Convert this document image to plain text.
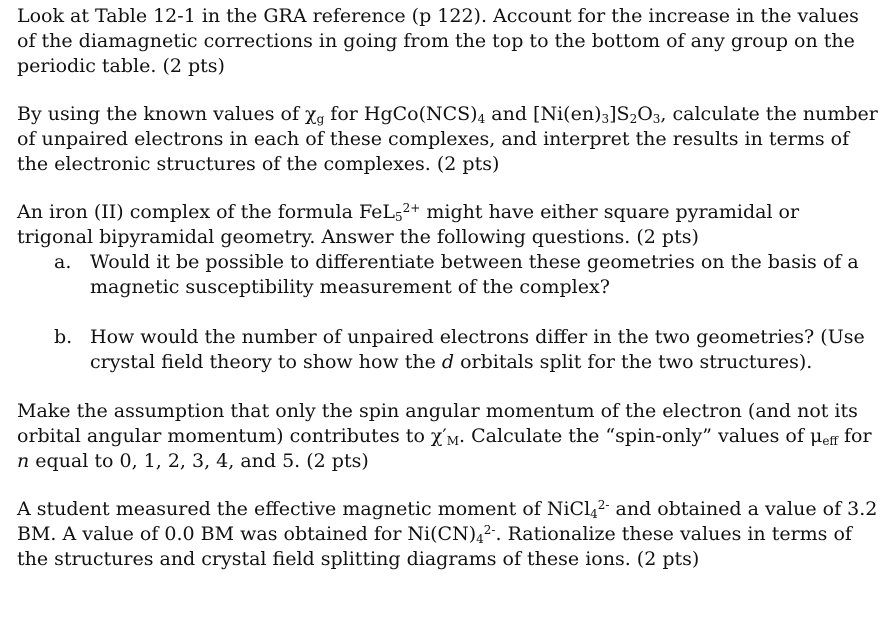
Look at Table 12-1 in the GRA reference (p 122). Account for the increase in the values of the diamagnetic corrections in going from the top to the bottom of any group on the periodic table. (2 pts)

By using the known values of $\chi_g$ for $HgCo(NCS)_4$ and $[Ni(en)_3]S_2O_3$, calculate the number of unpaired electrons in each of these complexes, and interpret the results in terms of the electronic structures of the complexes. (2 pts)

An iron (II) complex of the formula FeL$_5^{2+}$ might have either square pyramidal or trigonal bipyramidal geometry. Answer the following questions. (2 pts)

a. Would it be possible to differentiate between these geometries on the basis of a magnetic susceptibility measurement of the complex?

b. How would the number of unpaired electrons differ in the two geometries? (Use crystal field theory to show how the d orbitals split for the two structures).

Make the assumption that only the spin angular momentum of the electron (and not its orbital angular momentum) contributes to $\chi'_M$. Calculate the “spin-only” values of $\mu_{eff}$ for n equal to 0, 1, 2, 3, 4, and 5. (2 pts)

A student measured the effective magnetic moment of NiCl$_4^{2-}$ and obtained a value of 3.2 BM. A value of 0.0 BM was obtained for $Ni(CN)_4^{2-}$. Rationalize these values in terms of the structures and crystal field splitting diagrams of these ions. (2 pts)
